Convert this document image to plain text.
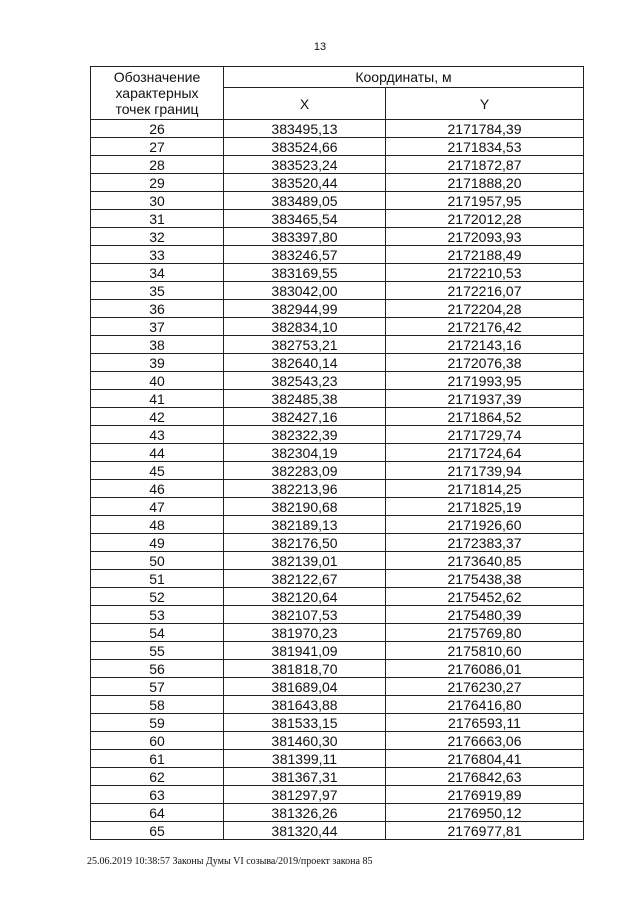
13
Обозначение
характерных
точек границ	Координаты, м	
	X	Y
26	383495,13	2171784,39
27	383524,66	2171834,53
28	383523,24	2171872,87
29	383520,44	2171888,20
30	383489,05	2171957,95
31	383465,54	2172012,28
32	383397,80	2172093,93
33	383246,57	2172188,49
34	383169,55	2172210,53
35	383042,00	2172216,07
36	382944,99	2172204,28
37	382834,10	2172176,42
38	382753,21	2172143,16
39	382640,14	2172076,38
40	382543,23	2171993,95
41	382485,38	2171937,39
42	382427,16	2171864,52
43	382322,39	2171729,74
44	382304,19	2171724,64
45	382283,09	2171739,94
46	382213,96	2171814,25
47	382190,68	2171825,19
48	382189,13	2171926,60
49	382176,50	2172383,37
50	382139,01	2173640,85
51	382122,67	2175438,38
52	382120,64	2175452,62
53	382107,53	2175480,39
54	381970,23	2175769,80
55	381941,09	2175810,60
56	381818,70	2176086,01
57	381689,04	2176230,27
58	381643,88	2176416,80
59	381533,15	2176593,11
60	381460,30	2176663,06
61	381399,11	2176804,41
62	381367,31	2176842,63
63	381297,97	2176919,89
64	381326,26	2176950,12
65	381320,44	2176977,81
25.06.2019 10:38:57 Законы Думы VI созыва/2019/проект закона 85
